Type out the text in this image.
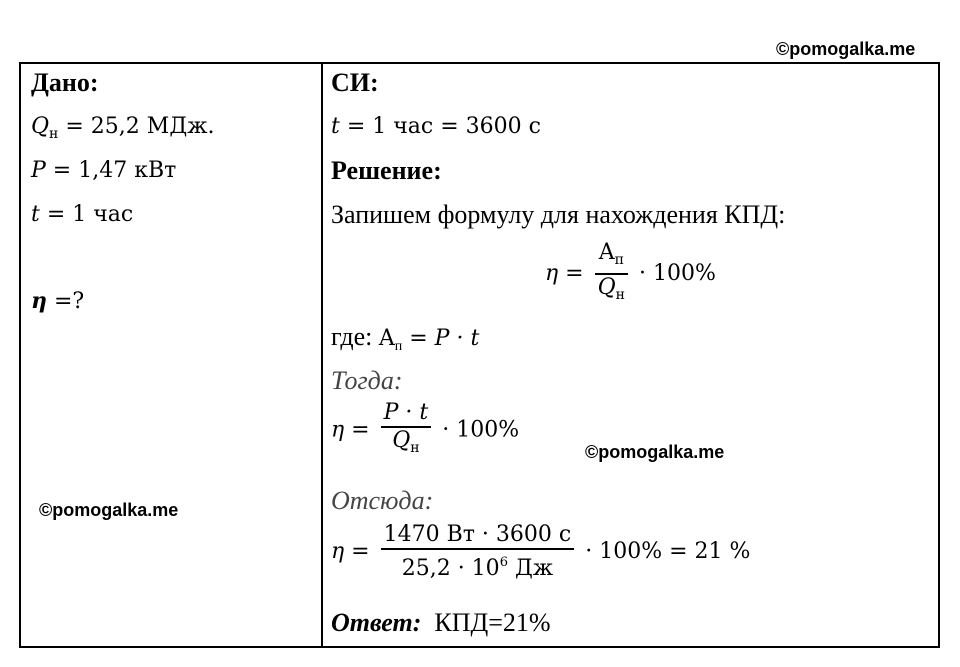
©pomogalka.me
©pomogalka.me
©pomogalka.me
Дано:
$Q_н = 25,2$ МДж.
P = 1,47 кВт
t = 1 час
η =?
СИ:
t = 1 час = 3600 с
Решение:
Запишем формулу для нахождения КПД:
$\eta = \frac{A_п}{Q_н} \cdot 100\%$
где: $A_п = P \cdot t$
Тогда:
$\eta = \frac{P \cdot t}{Q_н} \cdot 100\%$
Отсюда:
$\eta = \frac{1470 Вт \cdot 3600 с}{25,2 \cdot 10^6 Дж} \cdot 100\% = 21$ %
Ответ: КПД=21%
